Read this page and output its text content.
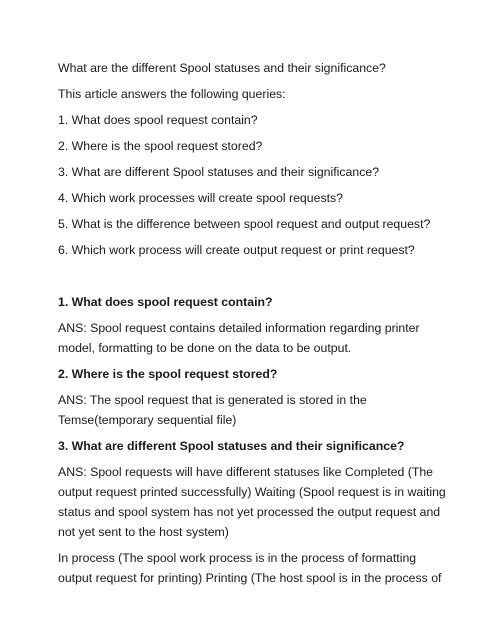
What are the different Spool statuses and their significance?

This article answers the following queries:

1. What does spool request contain?

2. Where is the spool request stored?

3. What are different Spool statuses and their significance?

4. Which work processes will create spool requests?

5. What is the difference between spool request and output request?

6. Which work process will create output request or print request?

1. What does spool request contain?

ANS: Spool request contains detailed information regarding printer
model, formatting to be done on the data to be output.

2. Where is the spool request stored?

ANS: The spool request that is generated is stored in the
Temse(temporary sequential file)

3. What are different Spool statuses and their significance?

ANS: Spool requests will have different statuses like Completed (The
output request printed successfully) Waiting (Spool request is in waiting
status and spool system has not yet processed the output request and
not yet sent to the host system)

In process (The spool work process is in the process of formatting
output request for printing) Printing (The host spool is in the process of
